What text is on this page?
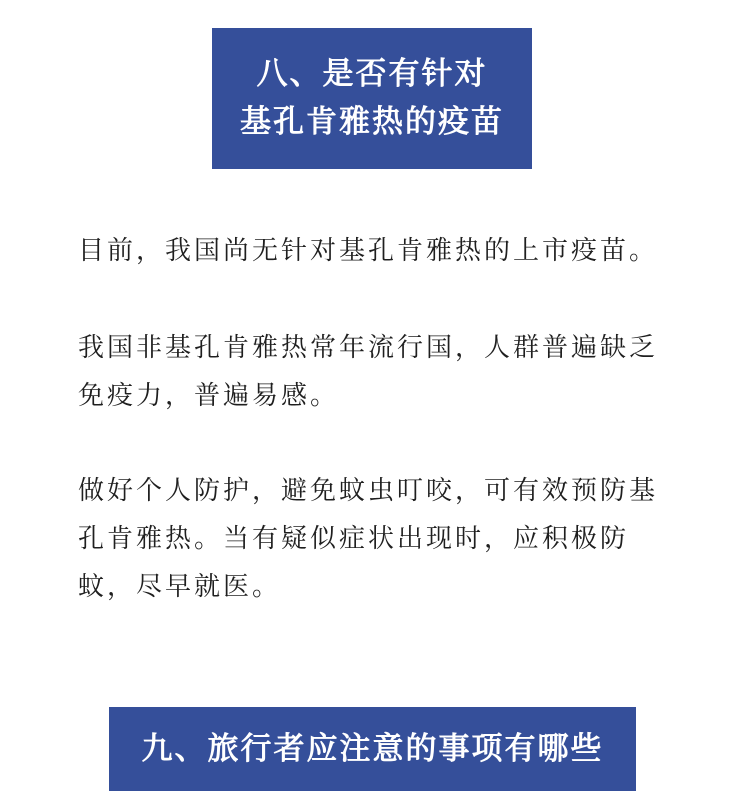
八、是否有针对
基孔肯雅热的疫苗
目前，我国尚无针对基孔肯雅热的上市疫苗。
我国非基孔肯雅热常年流行国，人群普遍缺乏
免疫力，普遍易感。
做好个人防护，避免蚊虫叮咬，可有效预防基
孔肯雅热。当有疑似症状出现时，应积极防
蚊，尽早就医。
九、旅行者应注意的事项有哪些
